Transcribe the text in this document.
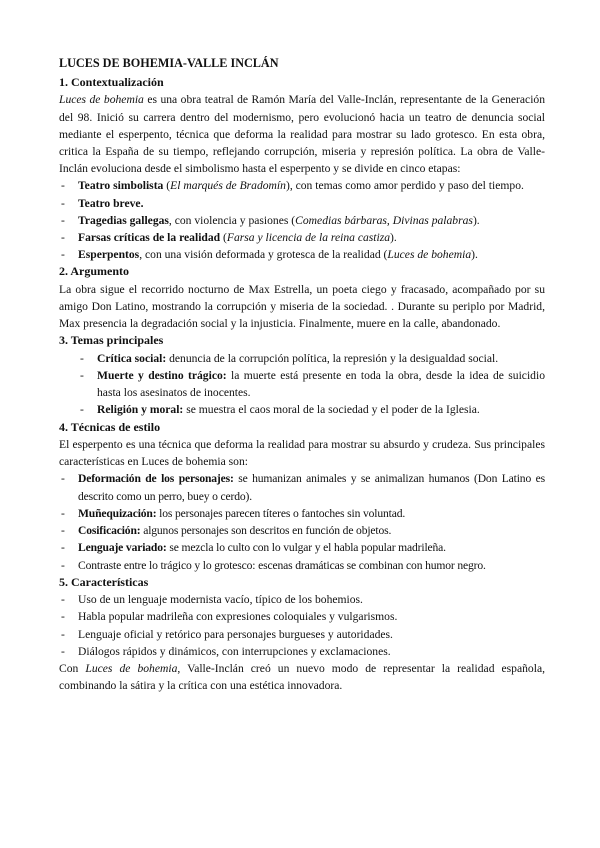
LUCES DE BOHEMIA-VALLE INCLÁN
1. Contextualización

Luces de bohemia es una obra teatral de Ramón María del Valle-Inclán, representante de la Generación del 98. Inició su carrera dentro del modernismo, pero evolucionó hacia un teatro de denuncia social mediante el esperpento, técnica que deforma la realidad para mostrar su lado grotesco. En esta obra, critica la España de su tiempo, reflejando corrupción, miseria y represión política. La obra de Valle-Inclán evoluciona desde el simbolismo hasta el esperpento y se divide en cinco etapas:

- Teatro simbolista (El marqués de Bradomín), con temas como amor perdido y paso del tiempo.
- Teatro breve.
- Tragedias gallegas, con violencia y pasiones (Comedias bárbaras, Divinas palabras).
- Farsas críticas de la realidad (Farsa y licencia de la reina castiza).
- Esperpentos, con una visión deformada y grotesca de la realidad (Luces de bohemia).
2. Argumento

La obra sigue el recorrido nocturno de Max Estrella, un poeta ciego y fracasado, acompañado por su amigo Don Latino, mostrando la corrupción y miseria de la sociedad. . Durante su periplo por Madrid, Max presencia la degradación social y la injusticia. Finalmente, muere en la calle, abandonado.

3. Temas principales
- Crítica social: denuncia de la corrupción política, la represión y la desigualdad social.
- Muerte y destino trágico: la muerte está presente en toda la obra, desde la idea de suicidio hasta los asesinatos de inocentes.
- Religión y moral: se muestra el caos moral de la sociedad y el poder de la Iglesia.
4. Técnicas de estilo

El esperpento es una técnica que deforma la realidad para mostrar su absurdo y crudeza. Sus principales características en Luces de bohemia son:

- Deformación de los personajes: se humanizan animales y se animalizan humanos (Don Latino es descrito como un perro, buey o cerdo).
- Muñequización: los personajes parecen títeres o fantoches sin voluntad.
- Cosificación: algunos personajes son descritos en función de objetos.
- Lenguaje variado: se mezcla lo culto con lo vulgar y el habla popular madrileña.
- Contraste entre lo trágico y lo grotesco: escenas dramáticas se combinan con humor negro.
5. Características
- Uso de un lenguaje modernista vacío, típico de los bohemios.
- Habla popular madrileña con expresiones coloquiales y vulgarismos.
- Lenguaje oficial y retórico para personajes burgueses y autoridades.
- Diálogos rápidos y dinámicos, con interrupciones y exclamaciones.

Con Luces de bohemia, Valle-Inclán creó un nuevo modo de representar la realidad española, combinando la sátira y la crítica con una estética innovadora.
